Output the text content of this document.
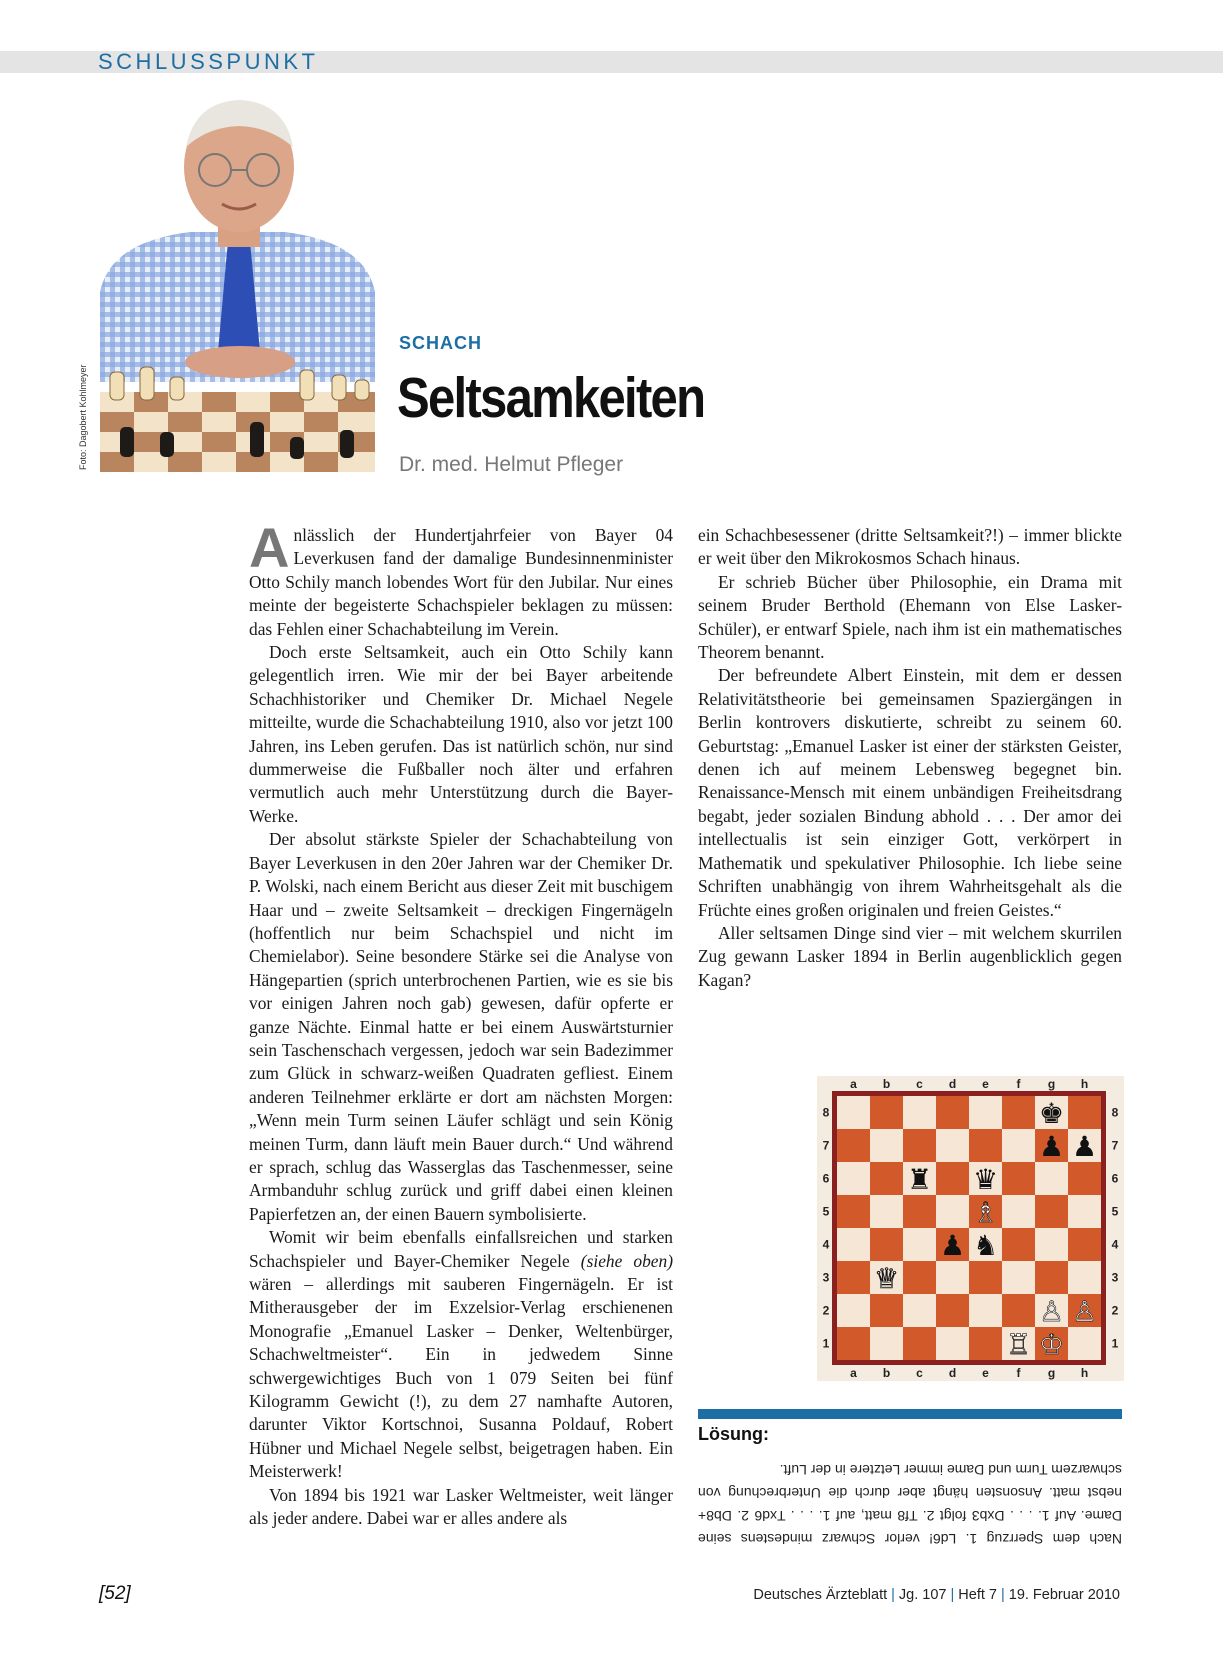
SCHLUSSPUNKT
Foto: Dagobert Kohlmeyer
SCHACH
Seltsamkeiten
Dr. med. Helmut Pfleger

Anlässlich der Hundertjahrfeier von Bayer 04 Leverkusen fand der damalige Bundesinnenminister Otto Schily manch lobendes Wort für den Jubilar. Nur eines meinte der begeisterte Schachspieler beklagen zu müssen: das Fehlen einer Schachabteilung im Verein.

Doch erste Seltsamkeit, auch ein Otto Schily kann gelegentlich irren. Wie mir der bei Bayer arbeitende Schachhistoriker und Chemiker Dr. Michael Negele mitteilte, wurde die Schachabteilung 1910, also vor jetzt 100 Jahren, ins Leben gerufen. Das ist natürlich schön, nur sind dummerweise die Fußballer noch älter und erfahren vermutlich auch mehr Unterstützung durch die Bayer-Werke.

Der absolut stärkste Spieler der Schachabteilung von Bayer Leverkusen in den 20er Jahren war der Chemiker Dr. P. Wolski, nach einem Bericht aus dieser Zeit mit buschigem Haar und – zweite Seltsamkeit – dreckigen Fingernägeln (hoffentlich nur beim Schachspiel und nicht im Chemielabor). Seine besondere Stärke sei die Analyse von Hängepartien (sprich unterbrochenen Partien, wie es sie bis vor einigen Jahren noch gab) gewesen, dafür opferte er ganze Nächte. Einmal hatte er bei einem Auswärtsturnier sein Taschenschach vergessen, jedoch war sein Badezimmer zum Glück in schwarz-weißen Quadraten gefliest. Einem anderen Teilnehmer erklärte er dort am nächsten Morgen: „Wenn mein Turm seinen Läufer schlägt und sein König meinen Turm, dann läuft mein Bauer durch.“ Und während er sprach, schlug das Wasserglas das Taschenmesser, seine Armbanduhr schlug zurück und griff dabei einen kleinen Papierfetzen an, der einen Bauern symbolisierte.

Womit wir beim ebenfalls einfallsreichen und starken Schachspieler und Bayer-Chemiker Negele (siehe oben) wären – allerdings mit sauberen Fingernägeln. Er ist Mitherausgeber der im Exzelsior-Verlag erschienenen Monografie „Emanuel Lasker – Denker, Weltenbürger, Schachweltmeister“. Ein in jedwedem Sinne schwergewichtiges Buch von 1 079 Seiten bei fünf Kilogramm Gewicht (!), zu dem 27 namhafte Autoren, darunter Viktor Kortschnoi, Susanna Poldauf, Robert Hübner und Michael Negele selbst, beigetragen haben. Ein Meisterwerk!

Von 1894 bis 1921 war Lasker Weltmeister, weit länger als jeder andere. Dabei war er alles andere als

ein Schachbesessener (dritte Seltsamkeit?!) – immer blickte er weit über den Mikrokosmos Schach hinaus.

Er schrieb Bücher über Philosophie, ein Drama mit seinem Bruder Berthold (Ehemann von Else Lasker-Schüler), er entwarf Spiele, nach ihm ist ein mathematisches Theorem benannt.

Der befreundete Albert Einstein, mit dem er dessen Relativitätstheorie bei gemeinsamen Spaziergängen in Berlin kontrovers diskutierte, schreibt zu seinem 60. Geburtstag: „Emanuel Lasker ist einer der stärksten Geister, denen ich auf meinem Lebensweg begegnet bin. Renaissance-Mensch mit einem unbändigen Freiheitsdrang begabt, jeder sozialen Bindung abhold . . . Der amor dei intellectualis ist sein einziger Gott, verkörpert in Mathematik und spekulativer Philosophie. Ich liebe seine Schriften unabhängig von ihrem Wahrheitsgehalt als die Früchte eines großen originalen und freien Geistes.“

Aller seltsamen Dinge sind vier – mit welchem skurrilen Zug gewann Lasker 1894 in Berlin augenblicklich gegen Kagan?

a
a
b
b
c
c
d
d
e
e
f
f
g
g
h
h
8	8
7	7
6	6
5	5
4	4
3	3
2	2
1	1
♚
♟ ♟
♜ ♛
♗
♟ ♞
♕
♙ ♙
♖ ♔
Lösung:

Nach dem Sperrzug 1. Ld6! verlor Schwarz mindestens seine Dame. Auf 1. . . . Dxb3 folgt 2. Tf8 matt, auf 1. . . . Txd6 2. Db8+ nebst matt. Ansonsten hängt aber durch die Unterbrechung von schwarzem Turm und Dame immer Letztere in der Luft.

[52]	Deutsches Ärzteblatt | Jg. 107 | Heft 7 | 19. Februar 2010
